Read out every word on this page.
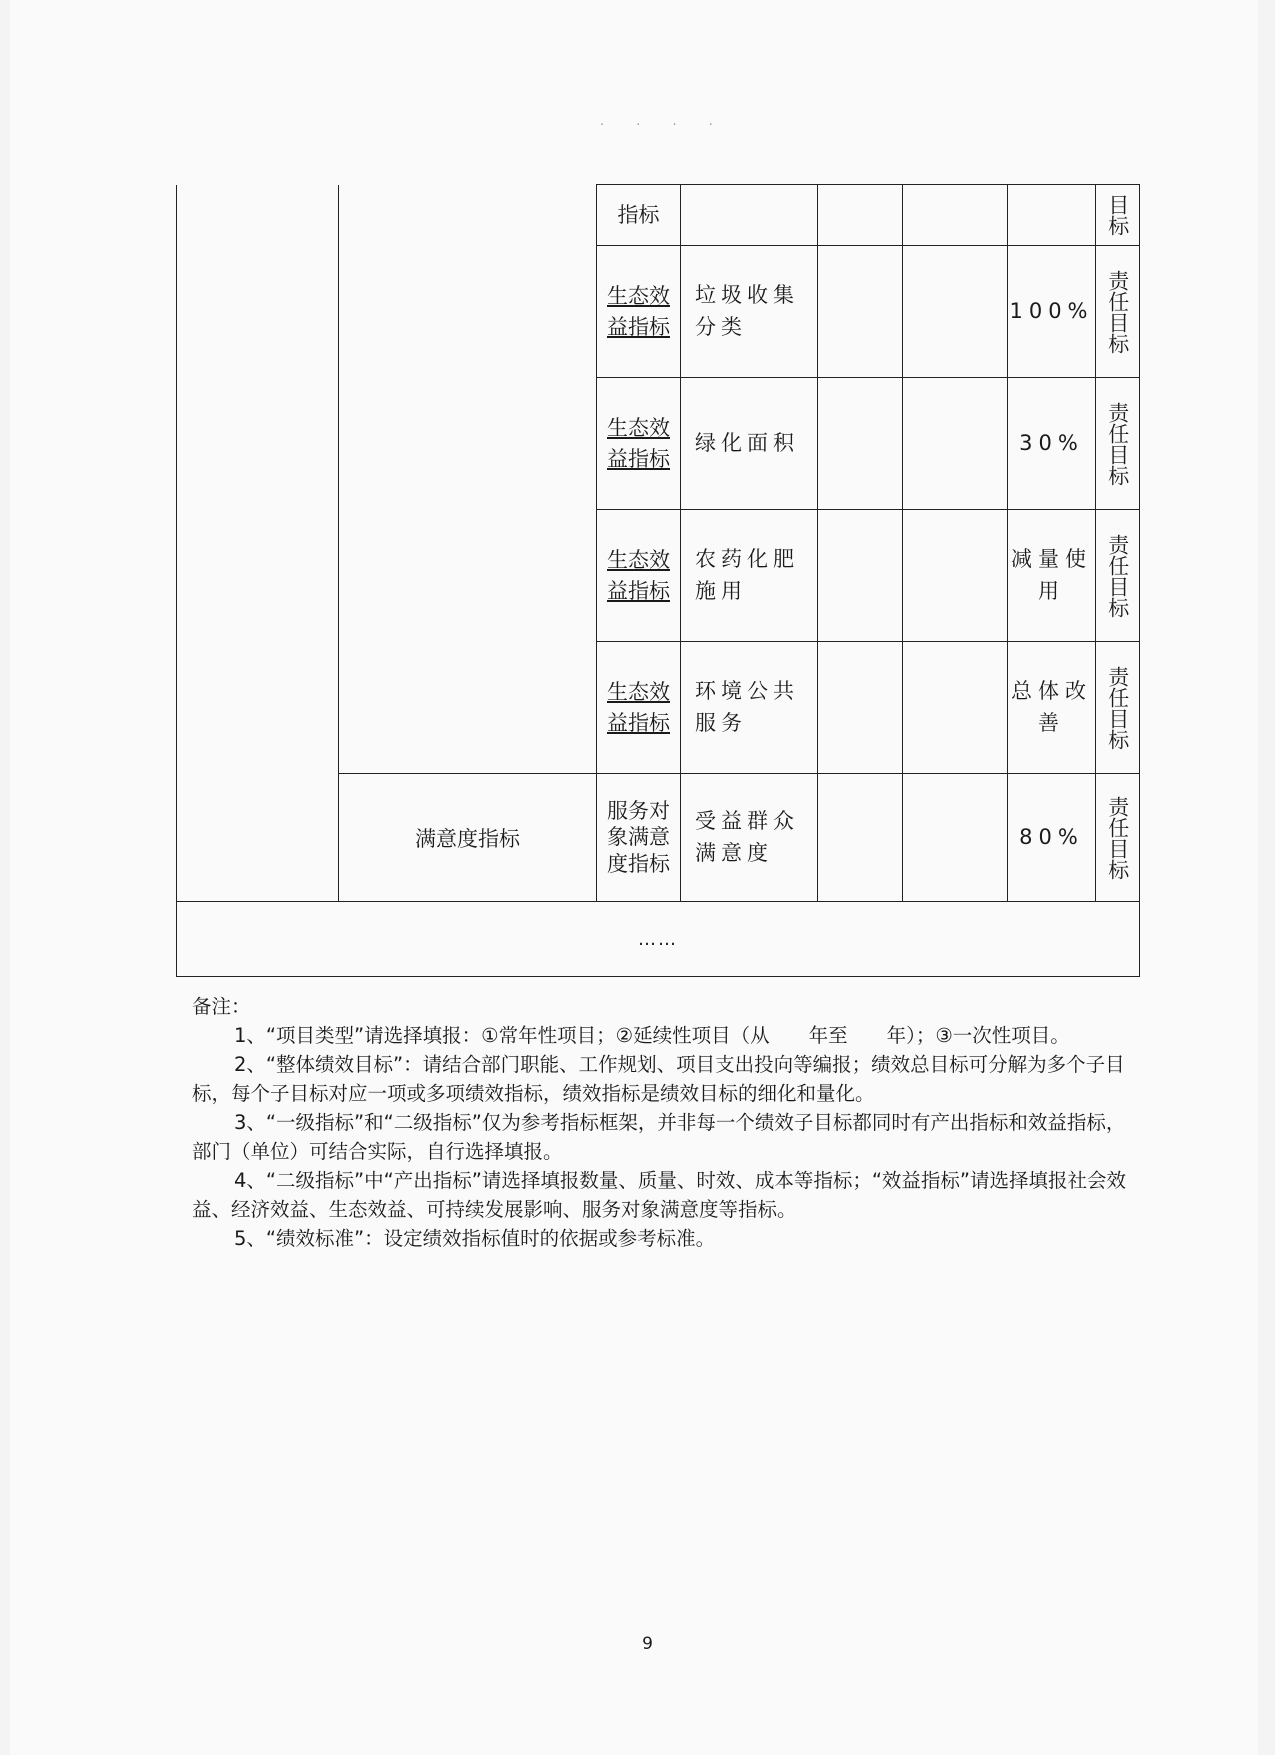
· · · ·
		指标					目标
		生态效益指标	垃圾收集分类			100%	责任目标
		生态效益指标	绿化面积			30%	责任目标
		生态效益指标	农药化肥施用			减量使用	责任目标
		生态效益指标	环境公共服务			总体改善	责任目标
	满意度指标	服务对象满意度指标	受益群众满意度			80%	责任目标
……							

备注：

1、“项目类型”请选择填报：①常年性项目；②延续性项目（从　　年至　　年）；③一次性项目。

2、“整体绩效目标”：请结合部门职能、工作规划、项目支出投向等编报；绩效总目标可分解为多个子目标，每个子目标对应一项或多项绩效指标，绩效指标是绩效目标的细化和量化。

3、“一级指标”和“二级指标”仅为参考指标框架，并非每一个绩效子目标都同时有产出指标和效益指标，部门（单位）可结合实际，自行选择填报。

4、“二级指标”中“产出指标”请选择填报数量、质量、时效、成本等指标；“效益指标”请选择填报社会效益、经济效益、生态效益、可持续发展影响、服务对象满意度等指标。

5、“绩效标准”：设定绩效指标值时的依据或参考标准。

9
